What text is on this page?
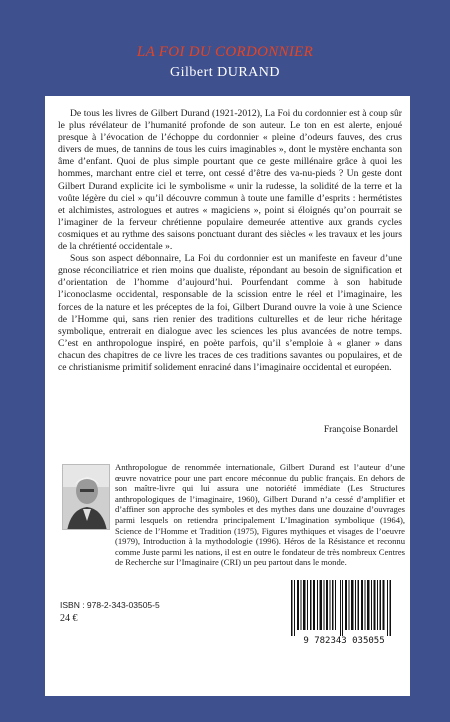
LA FOI DU CORDONNIER
Gilbert DURAND

De tous les livres de Gilbert Durand (1921-2012), La Foi du cordonnier est à coup sûr le plus révélateur de l’humanité profonde de son auteur. Le ton en est alerte, enjoué presque à l’évocation de l’échoppe du cordonnier « pleine d’odeurs fauves, des crus divers de mues, de tannins de tous les cuirs imaginables », dont le mystère enchanta son âme d’enfant. Quoi de plus simple pourtant que ce geste millénaire grâce à quoi les hommes, marchant entre ciel et terre, ont cessé d’être des va-nu-pieds ? Un geste dont Gilbert Durand explicite ici le symbolisme « unir la rudesse, la solidité de la terre et la voûte légère du ciel » qu’il découvre commun à toute une famille d’esprits : hermétistes et alchimistes, astrologues et autres « magiciens », point si éloignés qu’on pourrait se l’imaginer de la ferveur chrétienne populaire demeurée attentive aux grands cycles cosmiques et au rythme des saisons ponctuant durant des siècles « les travaux et les jours de la chrétienté occidentale ».

Sous son aspect débonnaire, La Foi du cordonnier est un manifeste en faveur d’une gnose réconciliatrice et rien moins que dualiste, répondant au besoin de signification et d’orientation de l’homme d’aujourd’hui. Pourfendant comme à son habitude l’iconoclasme occidental, responsable de la scission entre le réel et l’imaginaire, les forces de la nature et les préceptes de la foi, Gilbert Durand ouvre la voie à une Science de l’Homme qui, sans rien renier des traditions culturelles et de leur riche héritage symbolique, entrerait en dialogue avec les sciences les plus avancées de notre temps. C’est en anthropologue inspiré, en poète parfois, qu’il s’emploie à « glaner » dans chacun des chapitres de ce livre les traces de ces traditions savantes ou populaires, et de ce christianisme primitif solidement enraciné dans l’imaginaire occidental et européen.

Françoise Bonardel
Anthropologue de renommée internationale, Gilbert Durand est l’auteur d’une œuvre novatrice pour une part encore méconnue du public français. En dehors de son maître-livre qui lui assura une notoriété immédiate (Les Structures anthropologiques de l’imaginaire, 1960), Gilbert Durand n’a cessé d’amplifier et d’affiner son approche des symboles et des mythes dans une douzaine d’ouvrages parmi lesquels on retiendra principalement L’Imagination symbolique (1964), Science de l’Homme et Tradition (1975), Figures mythiques et visages de l’oeuvre (1979), Introduction à la mythodologie (1996). Héros de la Résistance et reconnu comme Juste parmi les nations, il est en outre le fondateur de très nombreux Centres de Recherche sur l’Imaginaire (CRI) un peu partout dans le monde.
ISBN : 978-2-343-03505-5
24 €
9 782343 035055
